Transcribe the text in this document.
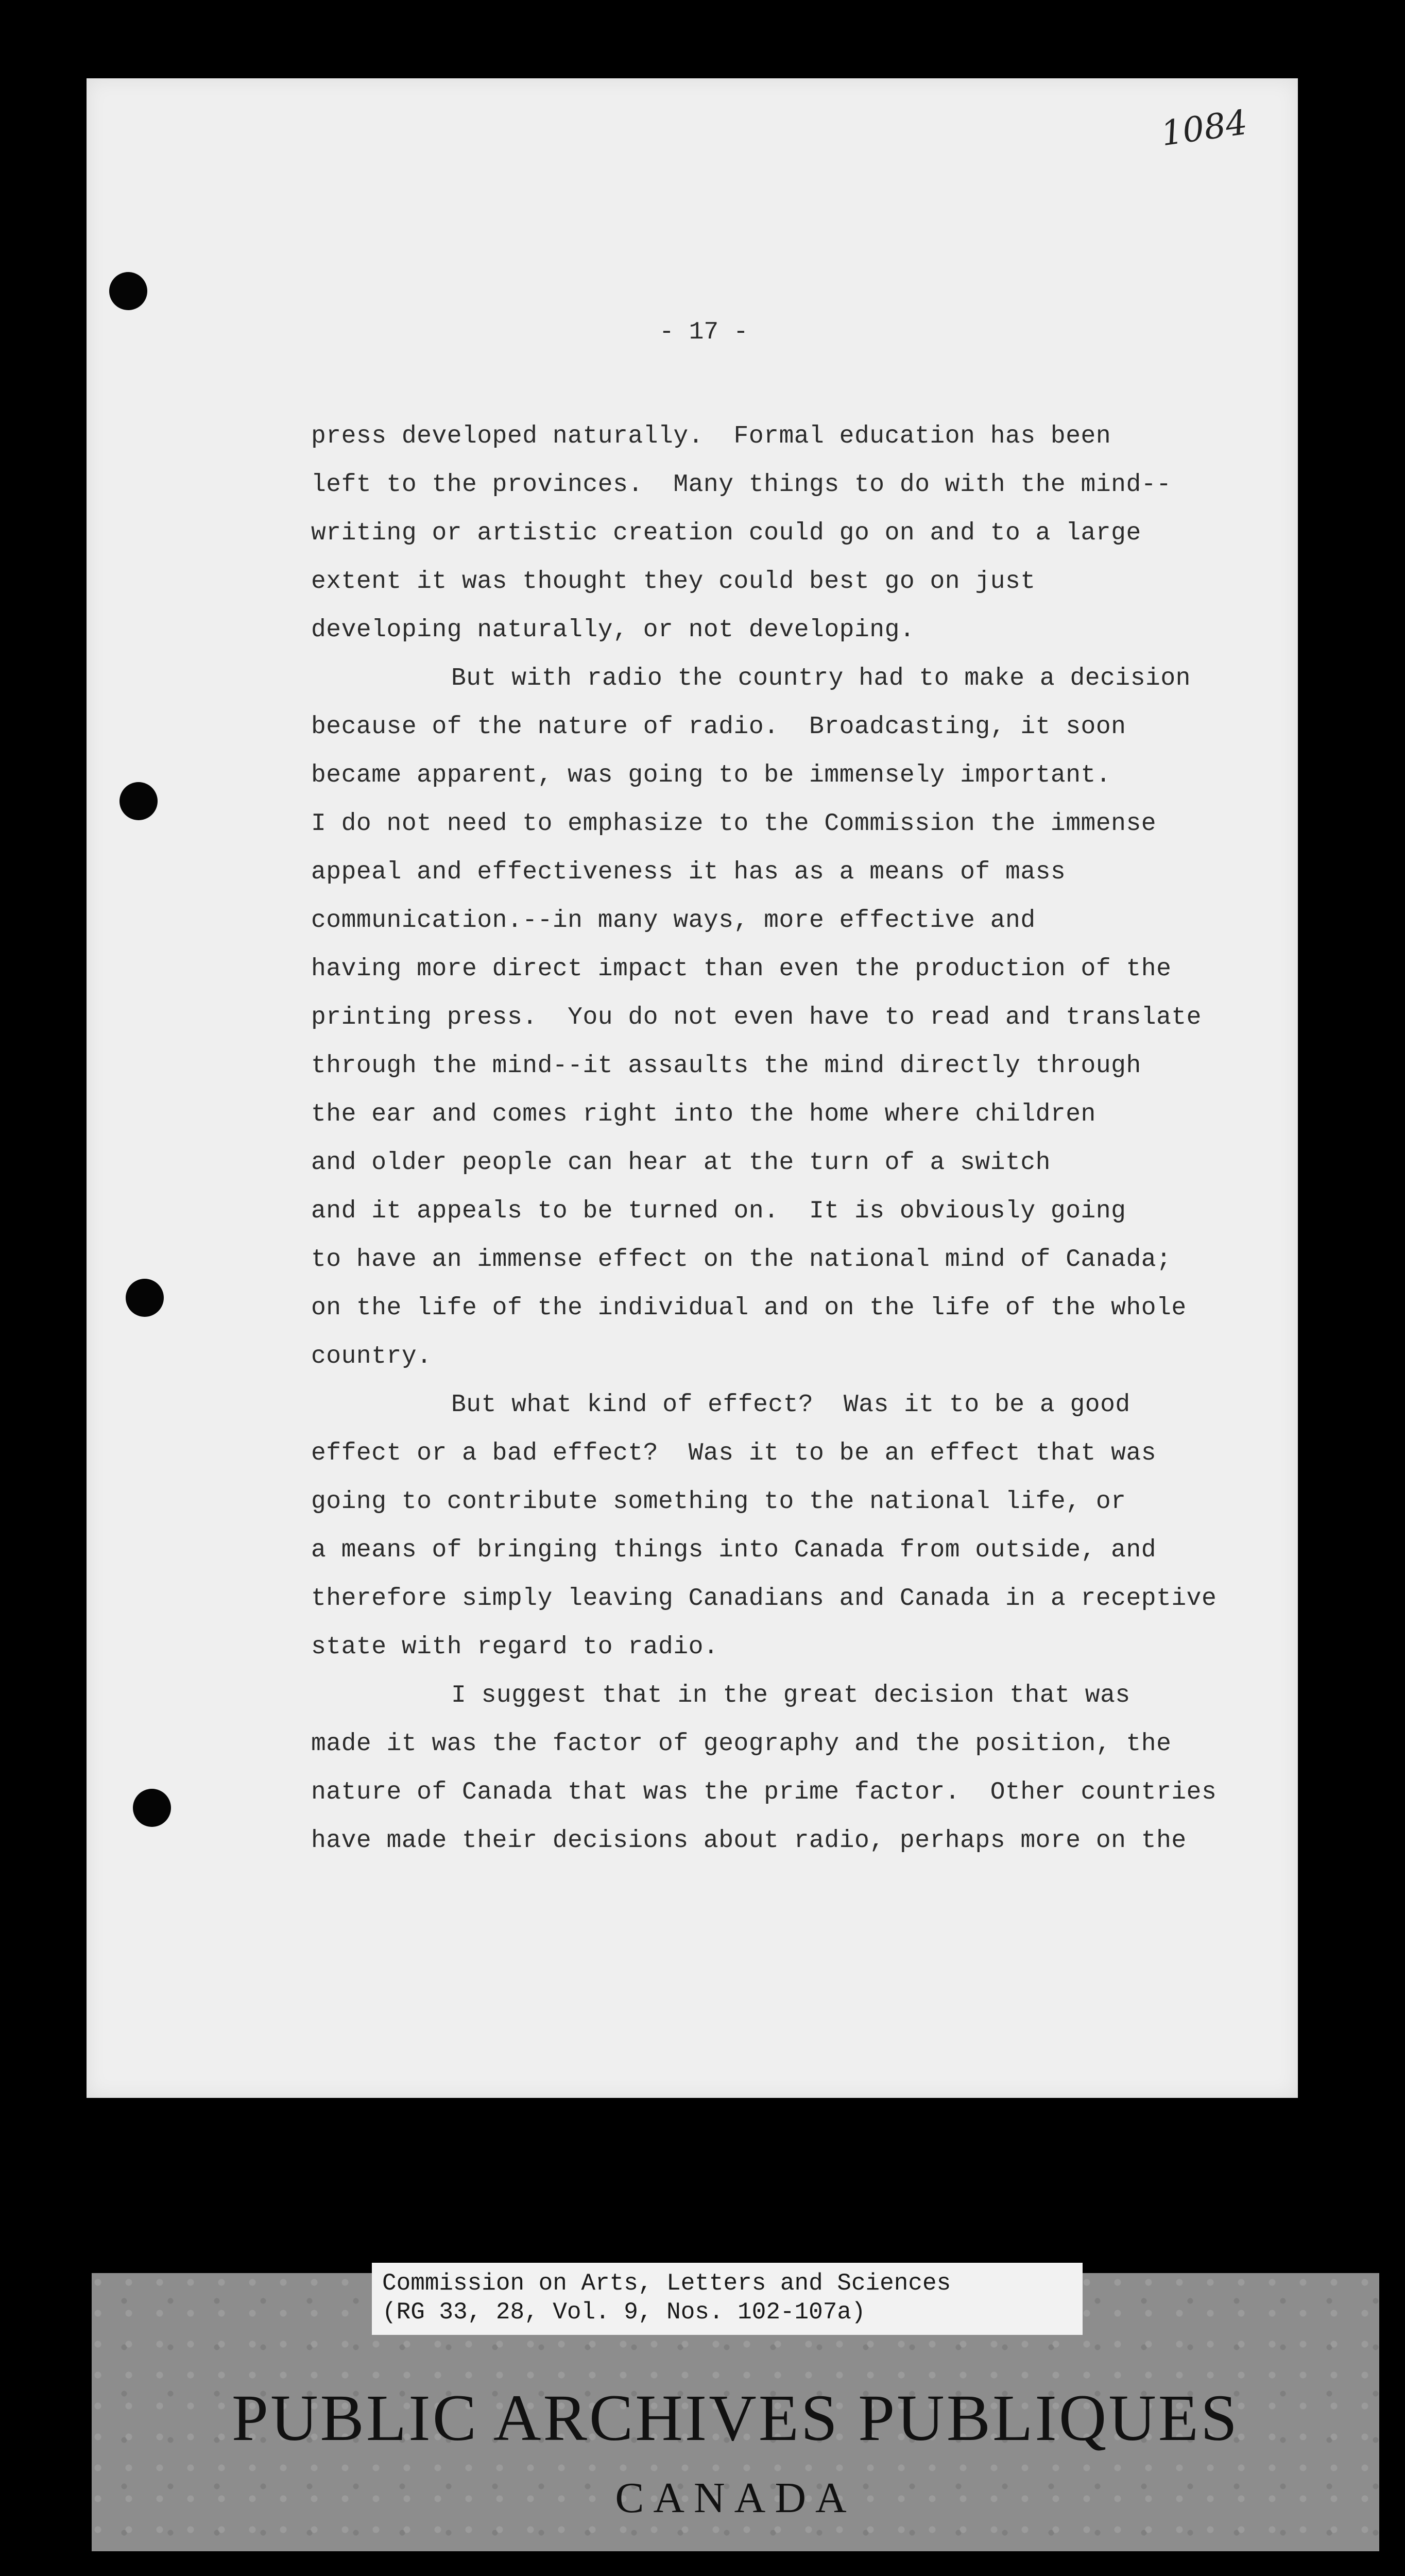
1084
- 17 -
press developed naturally.  Formal education has been
left to the provinces.  Many things to do with the mind--
writing or artistic creation could go on and to a large
extent it was thought they could best go on just
developing naturally, or not developing.
But with radio the country had to make a decision
because of the nature of radio.  Broadcasting, it soon
became apparent, was going to be immensely important.
I do not need to emphasize to the Commission the immense
appeal and effectiveness it has as a means of mass
communication.--in many ways, more effective and
having more direct impact than even the production of the
printing press.  You do not even have to read and translate
through the mind--it assaults the mind directly through
the ear and comes right into the home where children
and older people can hear at the turn of a switch
and it appeals to be turned on.  It is obviously going
to have an immense effect on the national mind of Canada;
on the life of the individual and on the life of the whole
country.
But what kind of effect?  Was it to be a good
effect or a bad effect?  Was it to be an effect that was
going to contribute something to the national life, or
a means of bringing things into Canada from outside, and
therefore simply leaving Canadians and Canada in a receptive
state with regard to radio.
I suggest that in the great decision that was
made it was the factor of geography and the position, the
nature of Canada that was the prime factor.  Other countries
have made their decisions about radio, perhaps more on the
Commission on Arts, Letters and Sciences
(RG 33, 28, Vol. 9, Nos. 102-107a)
PUBLIC ARCHIVES PUBLIQUES
CANADA
